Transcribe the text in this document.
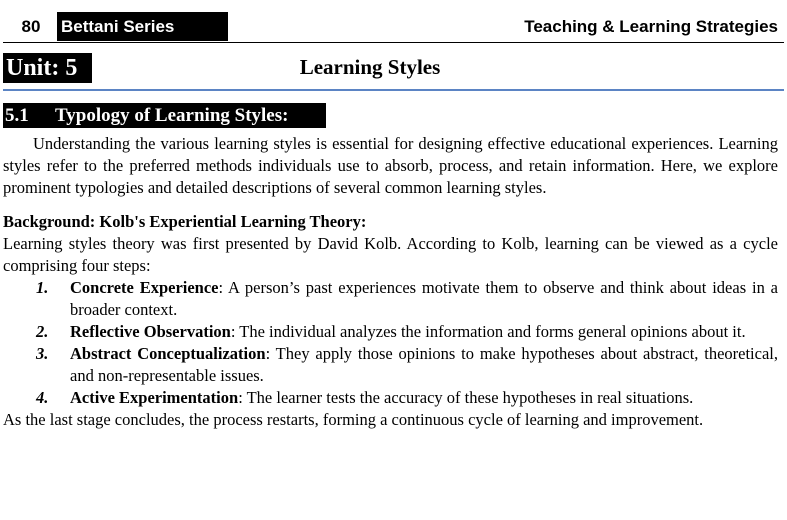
80	Bettani Series	Teaching & Learning Strategies
Unit: 5	Learning Styles
5.1 Typology of Learning Styles:

Understanding the various learning styles is essential for designing effective educational experiences. Learning styles refer to the preferred methods individuals use to absorb, process, and retain information. Here, we explore prominent typologies and detailed descriptions of several common learning styles.

Background: Kolb's Experiential Learning Theory:

Learning styles theory was first presented by David Kolb. According to Kolb, learning can be viewed as a cycle comprising four steps:

1. Concrete Experience: A person’s past experiences motivate them to observe and think about ideas in a broader context.
2. Reflective Observation: The individual analyzes the information and forms general opinions about it.
3. Abstract Conceptualization: They apply those opinions to make hypotheses about abstract, theoretical, and non-representable issues.
4. Active Experimentation: The learner tests the accuracy of these hypotheses in real situations.

As the last stage concludes, the process restarts, forming a continuous cycle of learning and improvement.
